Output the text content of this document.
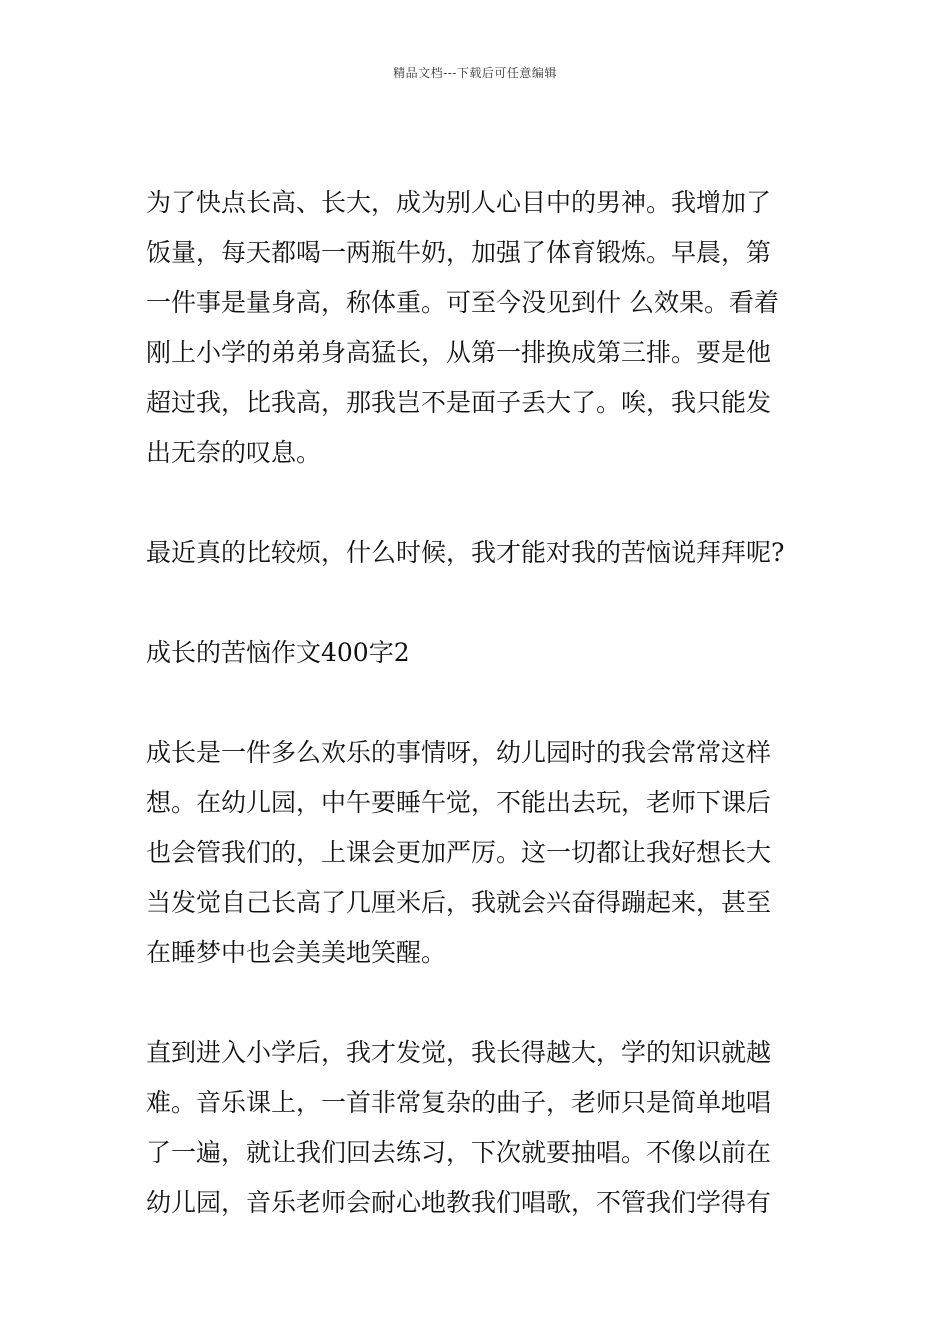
精品文档---下载后可任意编辑
为了快点长高、长大，成为别人心目中的男神。我增加了
饭量，每天都喝一两瓶牛奶，加强了体育锻炼。早晨，第
一件事是量身高，称体重。可至今没见到什 么效果。看着
刚上小学的弟弟身高猛长，从第一排换成第三排。要是他
超过我，比我高，那我岂不是面子丢大了。唉，我只能发
出无奈的叹息。
最近真的比较烦，什么时候，我才能对我的苦恼说拜拜呢?
成长的苦恼作文400字2
成长是一件多么欢乐的事情呀，幼儿园时的我会常常这样
想。在幼儿园，中午要睡午觉，不能出去玩，老师下课后
也会管我们的，上课会更加严厉。这一切都让我好想长大
当发觉自己长高了几厘米后，我就会兴奋得蹦起来，甚至
在睡梦中也会美美地笑醒。
直到进入小学后，我才发觉，我长得越大，学的知识就越
难。音乐课上，一首非常复杂的曲子，老师只是简单地唱
了一遍，就让我们回去练习，下次就要抽唱。不像以前在
幼儿园，音乐老师会耐心地教我们唱歌，不管我们学得有
